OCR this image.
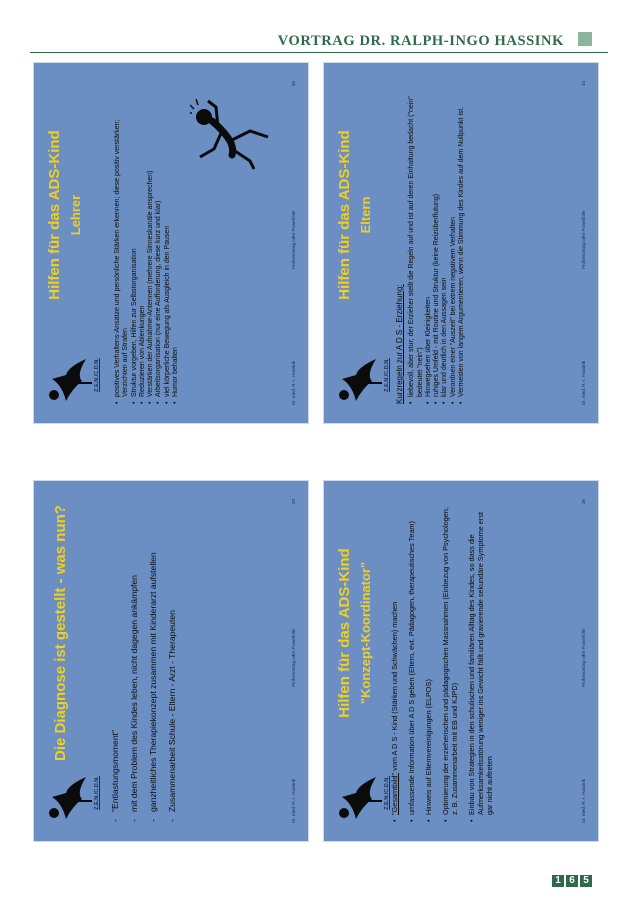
VORTRAG DR. RALPH-INGO HASSINK
Z.E.N./C.D.N.
Hilfen für das ADS-Kind Eltern

Kurzregeln zur A D S - Erziehung: • liebevoll, aber stur; der Erzieher stellt die Regeln auf und ist auf deren Einhaltung bedacht ("nein" bedeutet "nein") • Hinwegsehen über Kleinigkeiten • ruhiges Umfeld - mit Routine und Struktur (keine Reizüberflutung) • klar und deutlich in den Aussagen sein • Verordnen einer "Auszeit" bei extrem negativem Verhalten • Vermeiden von langem Argumentieren, wenn die Stimmung des Kindes auf dem Nullpunkt ist.	Dr. med. R.-I. Hassink
Probevortrag oder Powerfolie
34
Z.E.N./C.D.N.
Die Diagnose ist gestellt - was nun?
- "Entlastungsmoment" - mit dem Problem des Kindes leben, nicht dagegen ankämpfen - ganzheitliches Therapiekonzept zusammen mit Kinderarzt aufstellen - Zusammenarbeit Schule - Eltern - Arzt - Therapeuten	Dr. med. R.-I. Hassink
Probevortrag oder Powerfolie
33
Z.E.N./C.D.N.
Hilfen für das ADS-Kind "Konzept-Koordinator"
• "Gesamtbild" vom A D S - Kind (Stärken und Schwächen) machen • umfassende Information über A D S geben (Eltern, evt. Pädagogen, therapeutisches Team) • Hinweis auf Elternvereinigungen (ELPOS) • Optimierung der erzieherischen und pädagogischen Massnahmen (Einbezug von Psychologen, z. B. Zusammenarbeit mit EB und KJPD) • Einbau von Strategien in den schulischen und familiären Alltag des Kindes, so dass die Aufmerksamkeitsstörung weniger ins Gewicht fällt und gravierende sekundäre Symptome erst gar nicht auftreten	Dr. med. R.-I. Hassink
Probevortrag oder Powerfolie
36
Z.E.N./C.D.N.
Hilfen für das ADS-Kind Lehrer	• positives Verhaltens-Ansätze und persönliche Stärken erkennen; diese positiv verstärken; Verzichten auf Strafen • Struktur vorgeben, Hilfen zur Selbstorganisation • Reduzieren von Ablenkungen • Verstärken der Aufnahme-Antennen (mehrere Sinneskanäle ansprechen) • Arbeitsorganisation (nur eine Aufforderung, diese kurz und klar) • viel körperliche Bewegung als Ausgleich in den Pausen • Humor behalten	Dr. med. R.-I. Hassink
Probevortrag oder Powerfolie
35
1 6 5
